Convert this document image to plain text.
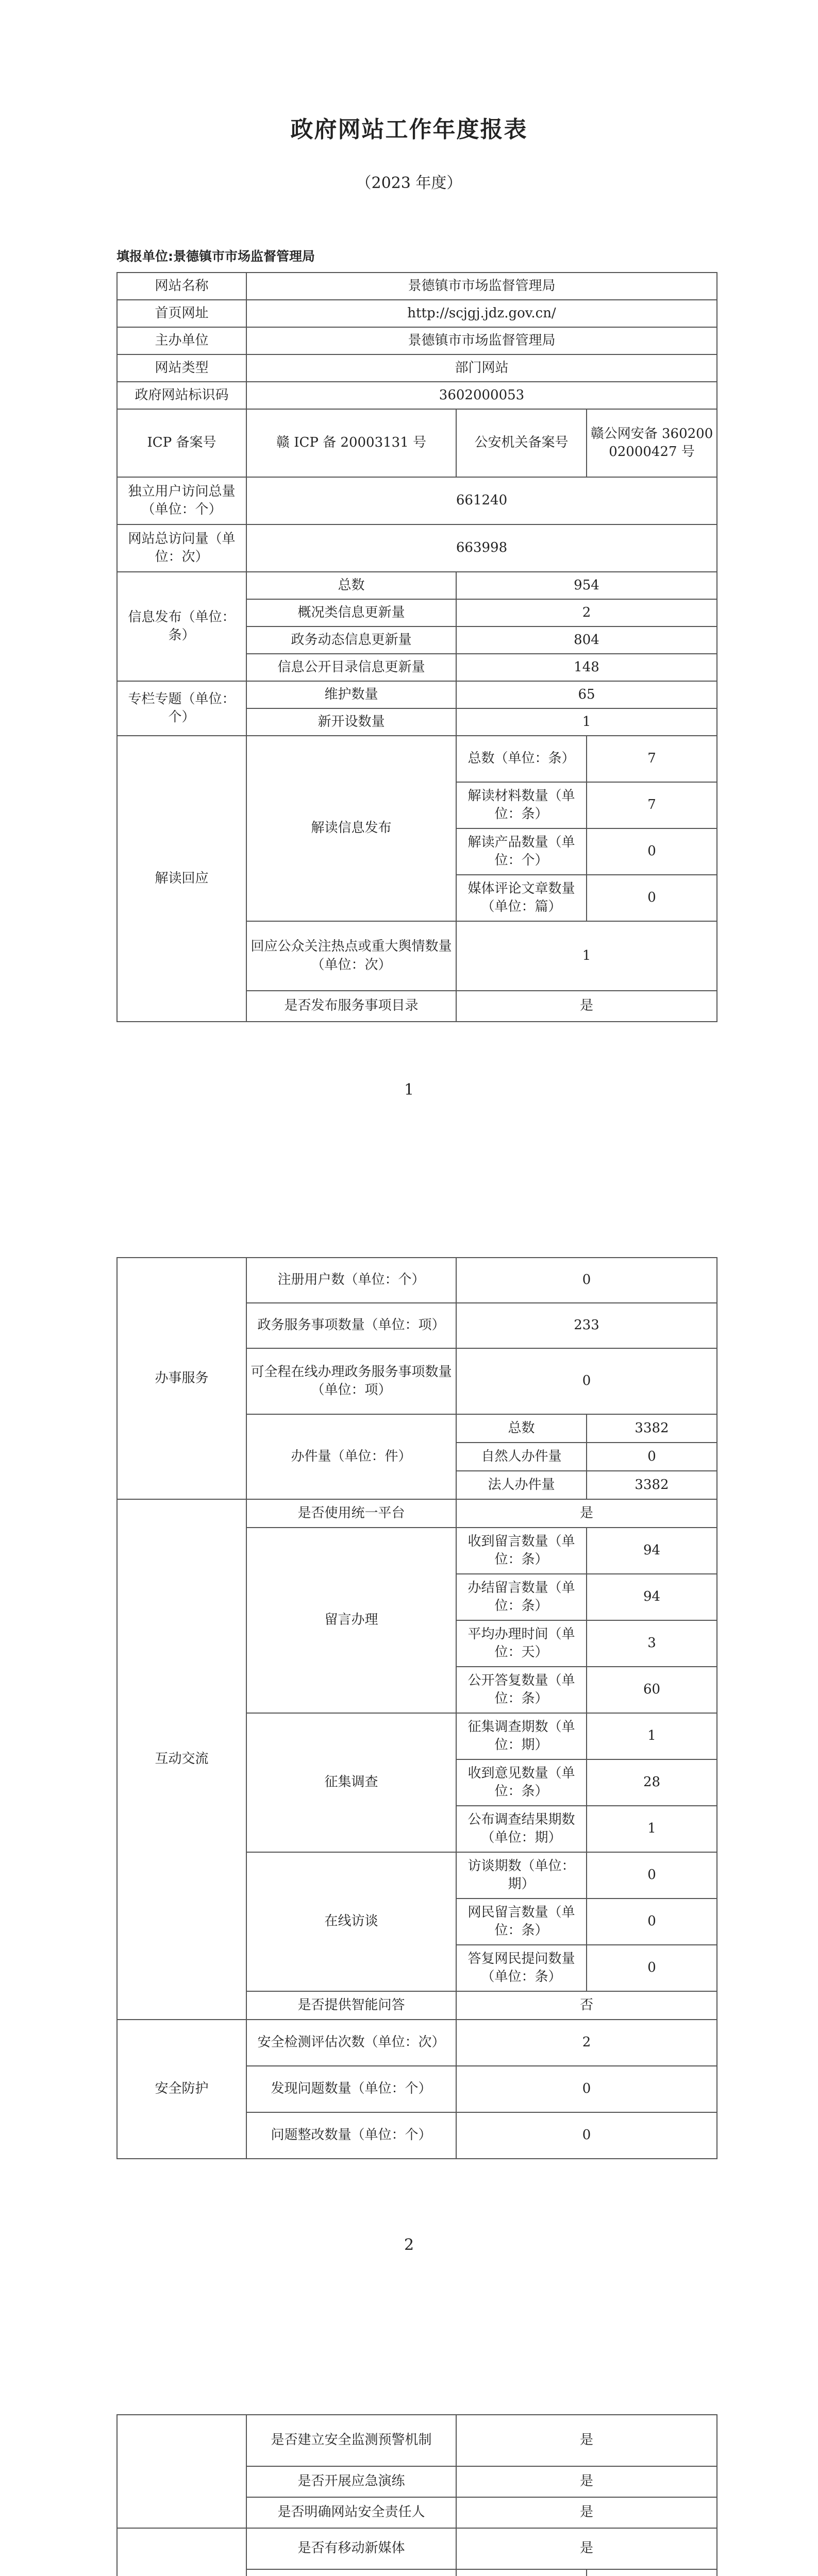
政府网站工作年度报表
（2023 年度）
填报单位:景德镇市市场监督管理局
网站名称	景德镇市市场监督管理局		
首页网址	http://scjgj.jdz.gov.cn/		
主办单位	景德镇市市场监督管理局		
网站类型	部门网站		
政府网站标识码	3602000053		
ICP 备案号	赣 ICP 备 20003131 号	公安机关备案号	赣公网安备 36020002000427 号
独立用户访问总量（单位：个）	661240		
网站总访问量（单位：次）	663998		
信息发布（单位：条）	总数	954	
	概况类信息更新量	2	
	政务动态信息更新量	804	
	信息公开目录信息更新量	148	
专栏专题（单位：个）	维护数量	65	
	新开设数量	1	
解读回应	解读信息发布	总数（单位：条）	7
		解读材料数量（单位：条）	7
		解读产品数量（单位：个）	0
		媒体评论文章数量（单位：篇）	0
	回应公众关注热点或重大舆情数量（单位：次）	1	
	是否发布服务事项目录	是	
1
办事服务	注册用户数（单位：个）	0	
	政务服务事项数量（单位：项）	233	
	可全程在线办理政务服务事项数量（单位：项）	0	
	办件量（单位：件）	总数	3382
		自然人办件量	0
		法人办件量	3382
互动交流	是否使用统一平台	是	
	留言办理	收到留言数量（单位：条）	94
		办结留言数量（单位：条）	94
		平均办理时间（单位：天）	3
		公开答复数量（单位：条）	60
	征集调查	征集调查期数（单位：期）	1
		收到意见数量（单位：条）	28
		公布调查结果期数（单位：期）	1
	在线访谈	访谈期数（单位：期）	0
		网民留言数量（单位：条）	0
		答复网民提问数量（单位：条）	0
	是否提供智能问答	否	
安全防护	安全检测评估次数（单位：次）	2	
	发现问题数量（单位：个）	0	
	问题整改数量（单位：个）	0	
2
	是否建立安全监测预警机制	是	
	是否开展应急演练	是	
	是否明确网站安全责任人	是	
	是否有移动新媒体	是	
